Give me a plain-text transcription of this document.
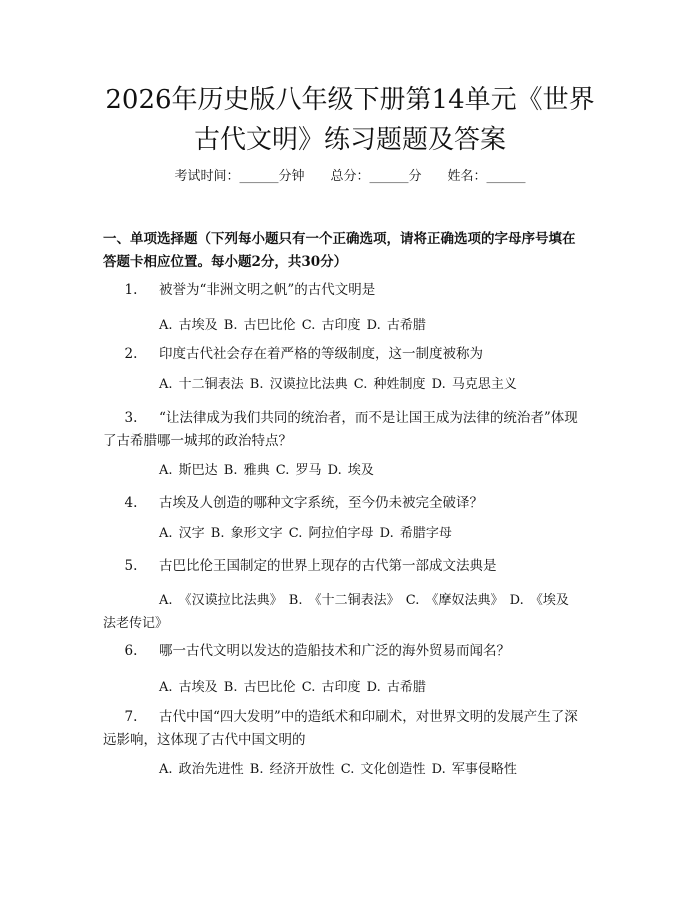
2026年历史版八年级下册第14单元《世界
古代文明》练习题题及答案
考试时间：______分钟 总分：______分 姓名：______
一、单项选择题（下列每小题只有一个正确选项，请将正确选项的字母序号填在
答题卡相应位置。每小题2分，共30分）
1. 被誉为“非洲文明之帆”的古代文明是
A. 古埃及 B. 古巴比伦 C. 古印度 D. 古希腊
2. 印度古代社会存在着严格的等级制度，这一制度被称为
A. 十二铜表法 B. 汉谟拉比法典 C. 种姓制度 D. 马克思主义
3. “让法律成为我们共同的统治者，而不是让国王成为法律的统治者”体现
了古希腊哪一城邦的政治特点？
A. 斯巴达 B. 雅典 C. 罗马 D. 埃及
4. 古埃及人创造的哪种文字系统，至今仍未被完全破译？
A. 汉字 B. 象形文字 C. 阿拉伯字母 D. 希腊字母
5. 古巴比伦王国制定的世界上现存的古代第一部成文法典是
A. 《汉谟拉比法典》 B. 《十二铜表法》 C. 《摩奴法典》 D. 《埃及
法老传记》
6. 哪一古代文明以发达的造船技术和广泛的海外贸易而闻名？
A. 古埃及 B. 古巴比伦 C. 古印度 D. 古希腊
7. 古代中国“四大发明”中的造纸术和印刷术，对世界文明的发展产生了深
远影响，这体现了古代中国文明的
A. 政治先进性 B. 经济开放性 C. 文化创造性 D. 军事侵略性
